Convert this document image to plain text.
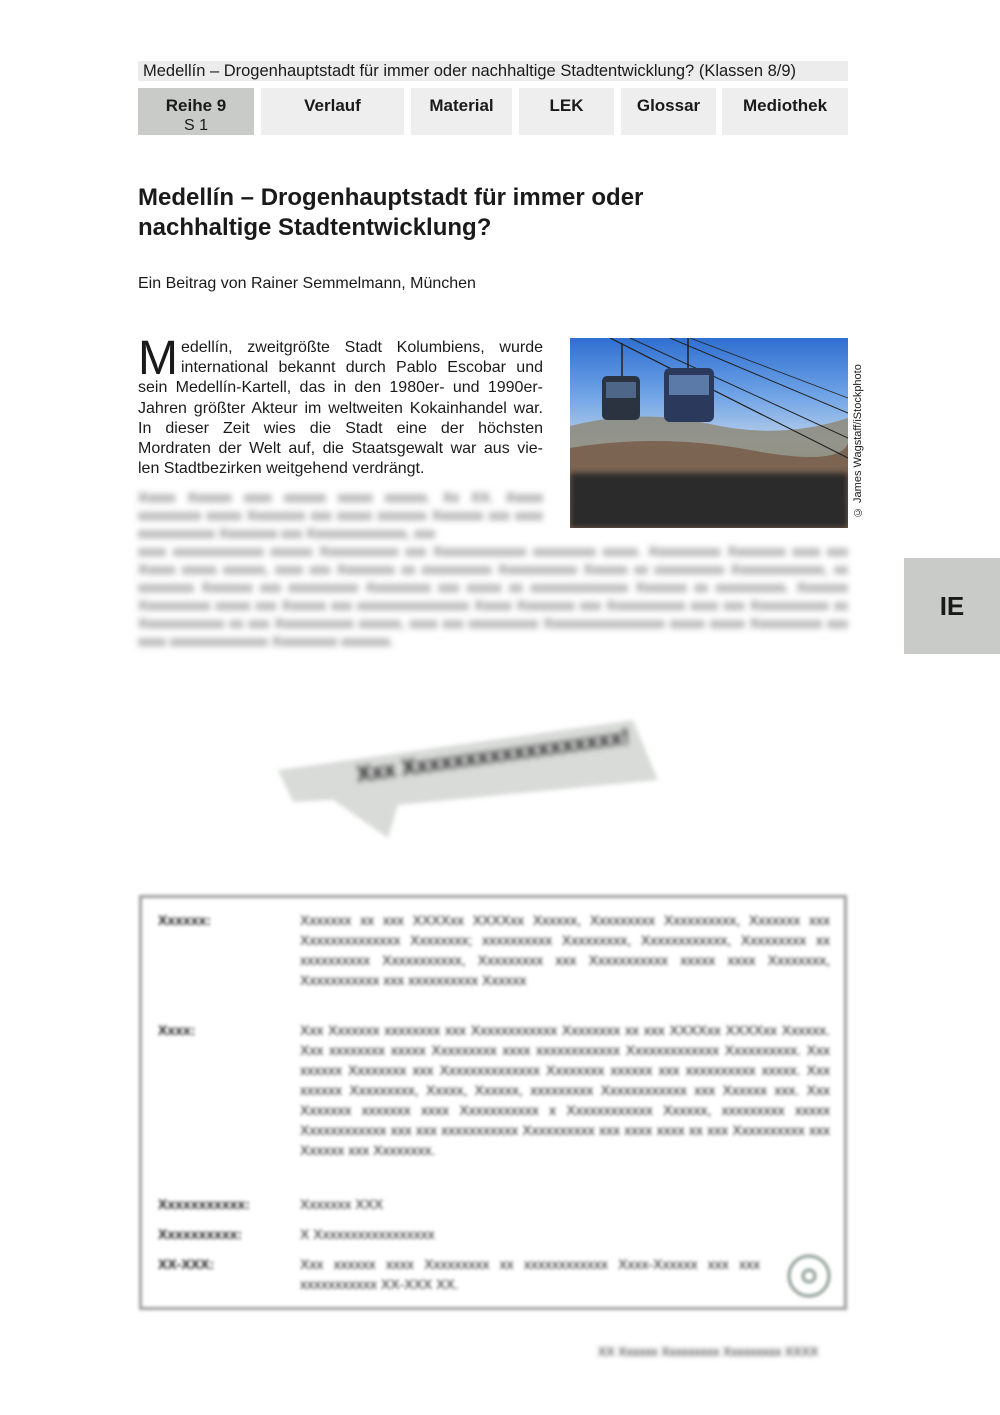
Medellín – Drogenhauptstadt für immer oder nachhaltige Stadtentwicklung? (Klassen 8/9)
Reihe 9
S 1
Verlauf	Material	LEK	Glossar	Mediothek
Medellín – Drogenhauptstadt für immer oder
nachhaltige Stadtentwicklung?
Ein Beitrag von Rainer Semmelmann, München

Medellín, zweitgrößte Stadt Kolumbiens, wurde international bekannt durch Pablo Escobar und sein Medellín-Kartell, das in den 1980er- und 1990er- Jahren größter Akteur im weltweiten Kokainhandel war. In dieser Zeit wies die Stadt eine der höchsten Mordraten der Welt auf, die Staatsgewalt war aus vie- len Stadtbezirken weitgehend verdrängt.	© James Wagstaff/iStockphoto
Xxxxx Xxxxxx xxxx xxxxxx xxxxx xxxxxx. Xx XX. Xxxxx xxxxxxxxx xxxxx Xxxxxxxx xxx xxxxx xxxxxxx Xxxxxxx xxx xxxx xxxxxxxxxxx Xxxxxxxx xxx Xxxxxxxxxxxxxx, xxx
xxxx xxxxxxxxxxxxx xxxxxx Xxxxxxxxxxx xxx Xxxxxxxxxxxxx xxxxxxxxx xxxxx. Xxxxxxxxxx Xxxxxxxx xxxx xxx Xxxxx xxxxx xxxxxx, xxxx xxx Xxxxxxxx xx xxxxxxxxxx Xxxxxxxxxxx Xxxxxx xx xxxxxxxxxx Xxxxxxxxxxxxx, xx xxxxxxxx Xxxxxxx xxx xxxxxxxxxx Xxxxxxxxx xxx xxxxx xx xxxxxxxxxxxxxx Xxxxxxx xx xxxxxxxxxx. Xxxxxxx Xxxxxxxxxx xxxxx xxx Xxxxxx xxx xxxxxxxxxxxxxxxx Xxxxx Xxxxxxxx xxx Xxxxxxxxxxx xxxx xxx Xxxxxxxxxxx xx Xxxxxxxxxxxx xx xxx Xxxxxxxxxxx xxxxxx, xxxx xxx xxxxxxxxxx Xxxxxxxxxxxxxxxxx xxxxx xxxxx Xxxxxxxxxx xxx xxxx xxxxxxxxxxxxxx Xxxxxxxxx xxxxxxx.
IE
Xxx Xxxxxxxxxxxxxxxxxx!
Xxxxxx:	Xxxxxxx xx xxx XXXXxx XXXXxx Xxxxxx, Xxxxxxxxx Xxxxxxxxxx, Xxxxxxx xxx Xxxxxxxxxxxxxx Xxxxxxxx; xxxxxxxxxx Xxxxxxxxx, Xxxxxxxxxxxx, Xxxxxxxxx xx xxxxxxxxxx Xxxxxxxxxxx, Xxxxxxxxx xxx Xxxxxxxxxxx xxxxx xxxx Xxxxxxxx, Xxxxxxxxxxx xxx xxxxxxxxxx Xxxxxx
Xxxx:	Xxx Xxxxxxx xxxxxxxx xxx Xxxxxxxxxxxx Xxxxxxxx xx xxx XXXXxx XXXXxx Xxxxxx. Xxx xxxxxxxx xxxxx Xxxxxxxxx xxxx xxxxxxxxxxxx Xxxxxxxxxxxxx Xxxxxxxxxx. Xxx xxxxxx Xxxxxxxx xxx Xxxxxxxxxxxxxx Xxxxxxxx xxxxxx xxx xxxxxxxxxx xxxxx. Xxx xxxxxx Xxxxxxxxx, Xxxxx, Xxxxxx, xxxxxxxxx Xxxxxxxxxxxx xxx Xxxxxx xxx. Xxx Xxxxxxx xxxxxxx xxxx Xxxxxxxxxxx x Xxxxxxxxxxxx Xxxxxx, xxxxxxxxx xxxxx Xxxxxxxxxxxx xxx xxx xxxxxxxxxxx Xxxxxxxxxx xxx xxxx xxxx xx xxx Xxxxxxxxxx xxx Xxxxxx xxx Xxxxxxxx.
Xxxxxxxxxxx:	Xxxxxxx XXX
Xxxxxxxxxx:	X Xxxxxxxxxxxxxxxxx
XX-XXX:	Xxx xxxxxx xxxx Xxxxxxxxx xx xxxxxxxxxxxx Xxxx-Xxxxxx xxx xxx xxxxxxxxxxx XX-XXX XX.
XX Xxxxxx Xxxxxxxxx Xxxxxxxxx XXXX
